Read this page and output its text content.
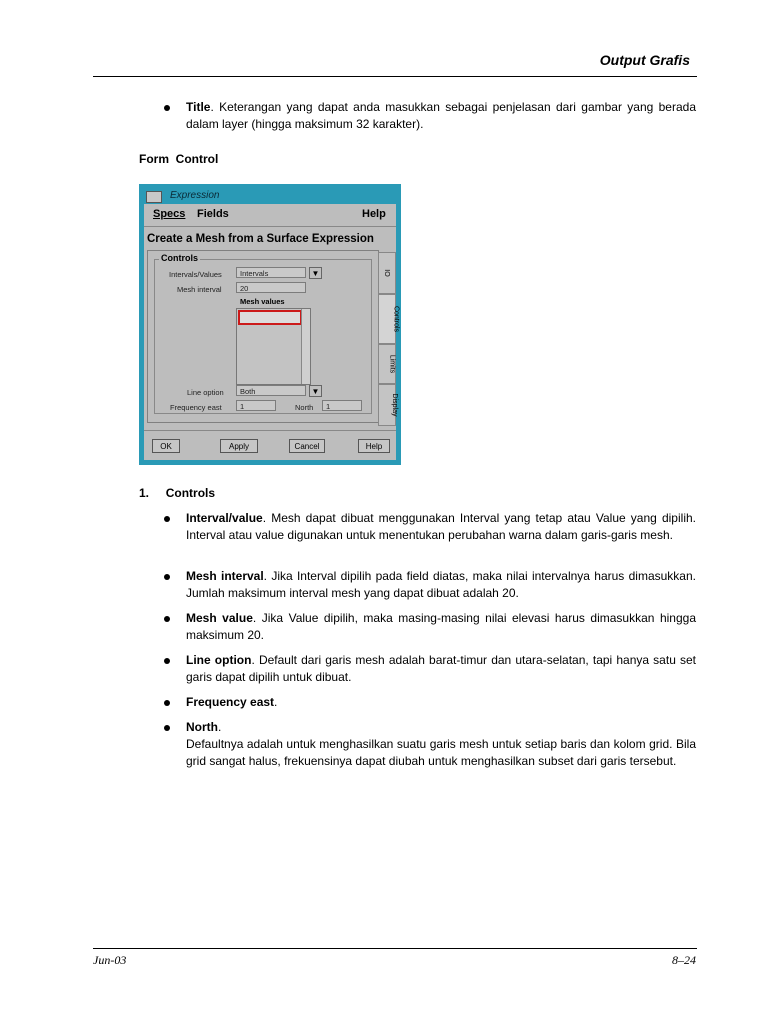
Output Grafis
Title. Keterangan yang dapat anda masukkan sebagai penjelasan dari gambar yang berada dalam layer (hingga maksimum 32 karakter).
Form  Control
Expression
Specs Fields	Help
Create a Mesh from a Surface Expression
Controls
Intervals/Values	Intervals	▼
Mesh interval	20
Mesh values
Line option	Both	▼
Frequency east	1	North	1
IO
Controls
Limits
Display
OK	Apply	Cancel	Help
1. Controls
Interval/value. Mesh dapat dibuat menggunakan Interval yang tetap atau Value yang dipilih. Interval atau value digunakan untuk menentukan perubahan warna dalam garis-garis mesh.
Mesh interval. Jika Interval dipilih pada field diatas, maka nilai intervalnya harus dimasukkan. Jumlah maksimum interval mesh yang dapat dibuat adalah 20.
Mesh value. Jika Value dipilih, maka masing-masing nilai elevasi harus dimasukkan hingga maksimum 20.
Line option. Default dari garis mesh adalah barat-timur dan utara-selatan, tapi hanya satu set garis dapat dipilih untuk dibuat.
Frequency east.
North.
Defaultnya adalah untuk menghasilkan suatu garis mesh untuk setiap baris dan kolom grid. Bila grid sangat halus, frekuensinya dapat diubah untuk menghasilkan subset dari garis tersebut.
Jun-03	8–24
